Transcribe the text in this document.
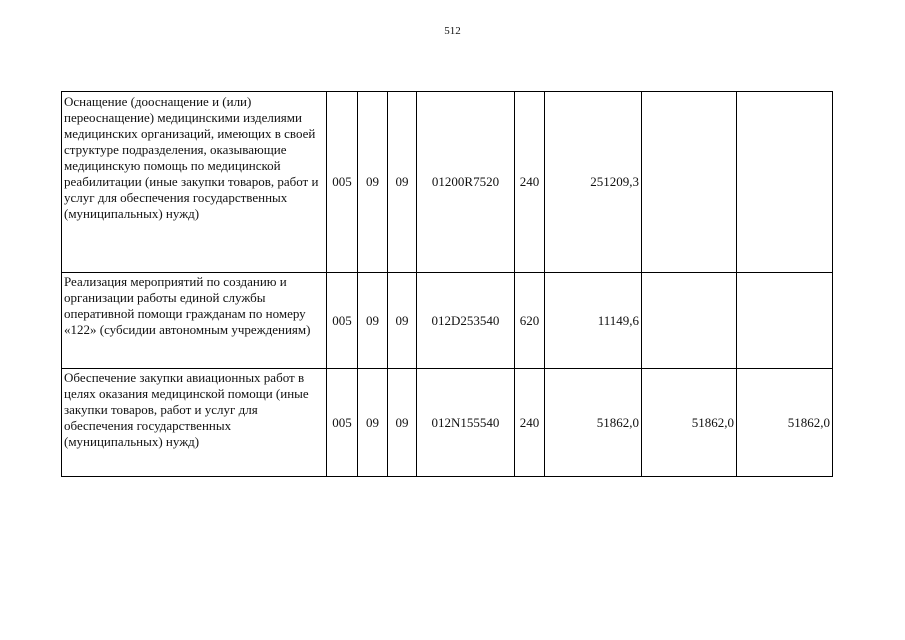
512
Оснащение (дооснащение и (или) переоснащение) медицинскими изделиями медицинских организаций, имеющих в своей структуре подразделения, оказывающие медицинскую помощь по медицинской реабилитации (иные закупки товаров, работ и услуг для обеспечения государственных (муниципальных) нужд)	005	09	09	01200R7520	240	251209,3		
Реализация мероприятий по созданию и организации работы единой службы оперативной помощи гражданам по номеру «122» (субсидии автономным учреждениям)	005	09	09	012D253540	620	11149,6		
Обеспечение закупки авиационных работ в целях оказания медицинской помощи (иные закупки товаров, работ и услуг для обеспечения государственных (муниципальных) нужд)	005	09	09	012N155540	240	51862,0	51862,0	51862,0
